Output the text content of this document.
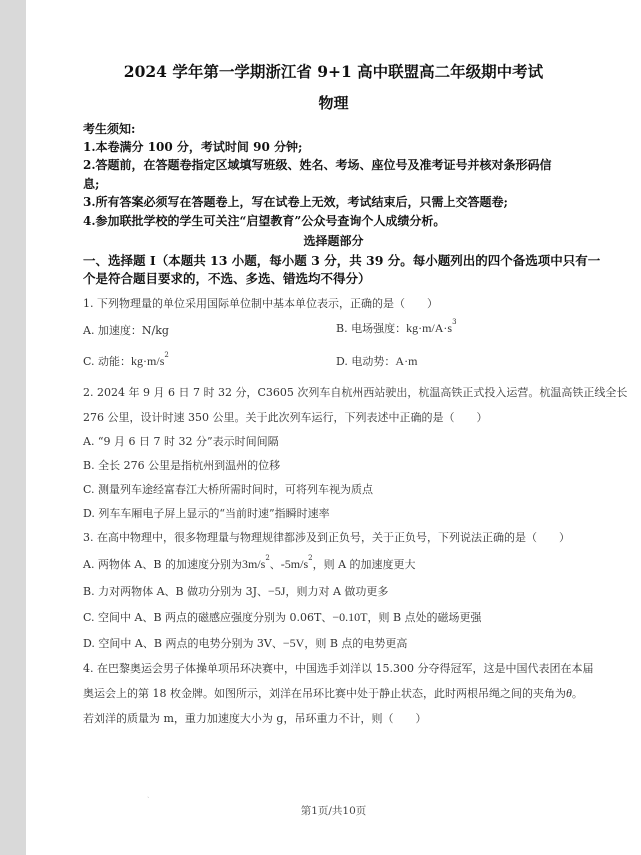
2024 学年第一学期浙江省 9+1 高中联盟高二年级期中考试
物理
考生须知:
1.本卷满分 100 分，考试时间 90 分钟;
2.答题前，在答题卷指定区域填写班级、姓名、考场、座位号及准考证号并核对条形码信
息;
3.所有答案必须写在答题卷上，写在试卷上无效，考试结束后，只需上交答题卷;
4.参加联批学校的学生可关注“启望教育”公众号查询个人成绩分析。
选择题部分
一、选择题 I（本题共 13 小题，每小题 3 分，共 39 分。每小题列出的四个备选项中只有一
个是符合题目要求的，不选、多选、错选均不得分）
1. 下列物理量的单位采用国际单位制中基本单位表示，正确的是（　　）
A. 加速度：N/kg	B. 电场强度：$kg\cdot m/A\cdot s^3$
C. 动能：$kg\cdot m/s^2$	D. 电动势：A·m
2. 2024 年 9 月 6 日 7 时 32 分，C3605 次列车自杭州西站驶出，杭温高铁正式投入运营。杭温高铁正线全长
276 公里，设计时速 350 公里。关于此次列车运行，下列表述中正确的是（　　）
A. “9 月 6 日 7 时 32 分”表示时间间隔
B. 全长 276 公里是指杭州到温州的位移
C. 测量列车途经富春江大桥所需时间时，可将列车视为质点
D. 列车车厢电子屏上显示的“当前时速”指瞬时速率
3. 在高中物理中，很多物理量与物理规律都涉及到正负号，关于正负号，下列说法正确的是（　　）
A. 两物体 A、B 的加速度分别为$3m/s^2$、$-5m/s^2$，则 A 的加速度更大
B. 力对两物体 A、B 做功分别为 3J、−5J，则力对 A 做功更多
C. 空间中 A、B 两点的磁感应强度分别为 0.06T、−0.10T，则 B 点处的磁场更强
D. 空间中 A、B 两点的电势分别为 3V、−5V，则 B 点的电势更高
4. 在巴黎奥运会男子体操单项吊环决赛中，中国选手刘洋以 15.300 分夺得冠军，这是中国代表团在本届
奥运会上的第 18 枚金牌。如图所示，刘洋在吊环比赛中处于静止状态，此时两根吊绳之间的夹角为θ。
若刘洋的质量为 m，重力加速度大小为 g，吊环重力不计，则（　　）
`
第1页/共10页
